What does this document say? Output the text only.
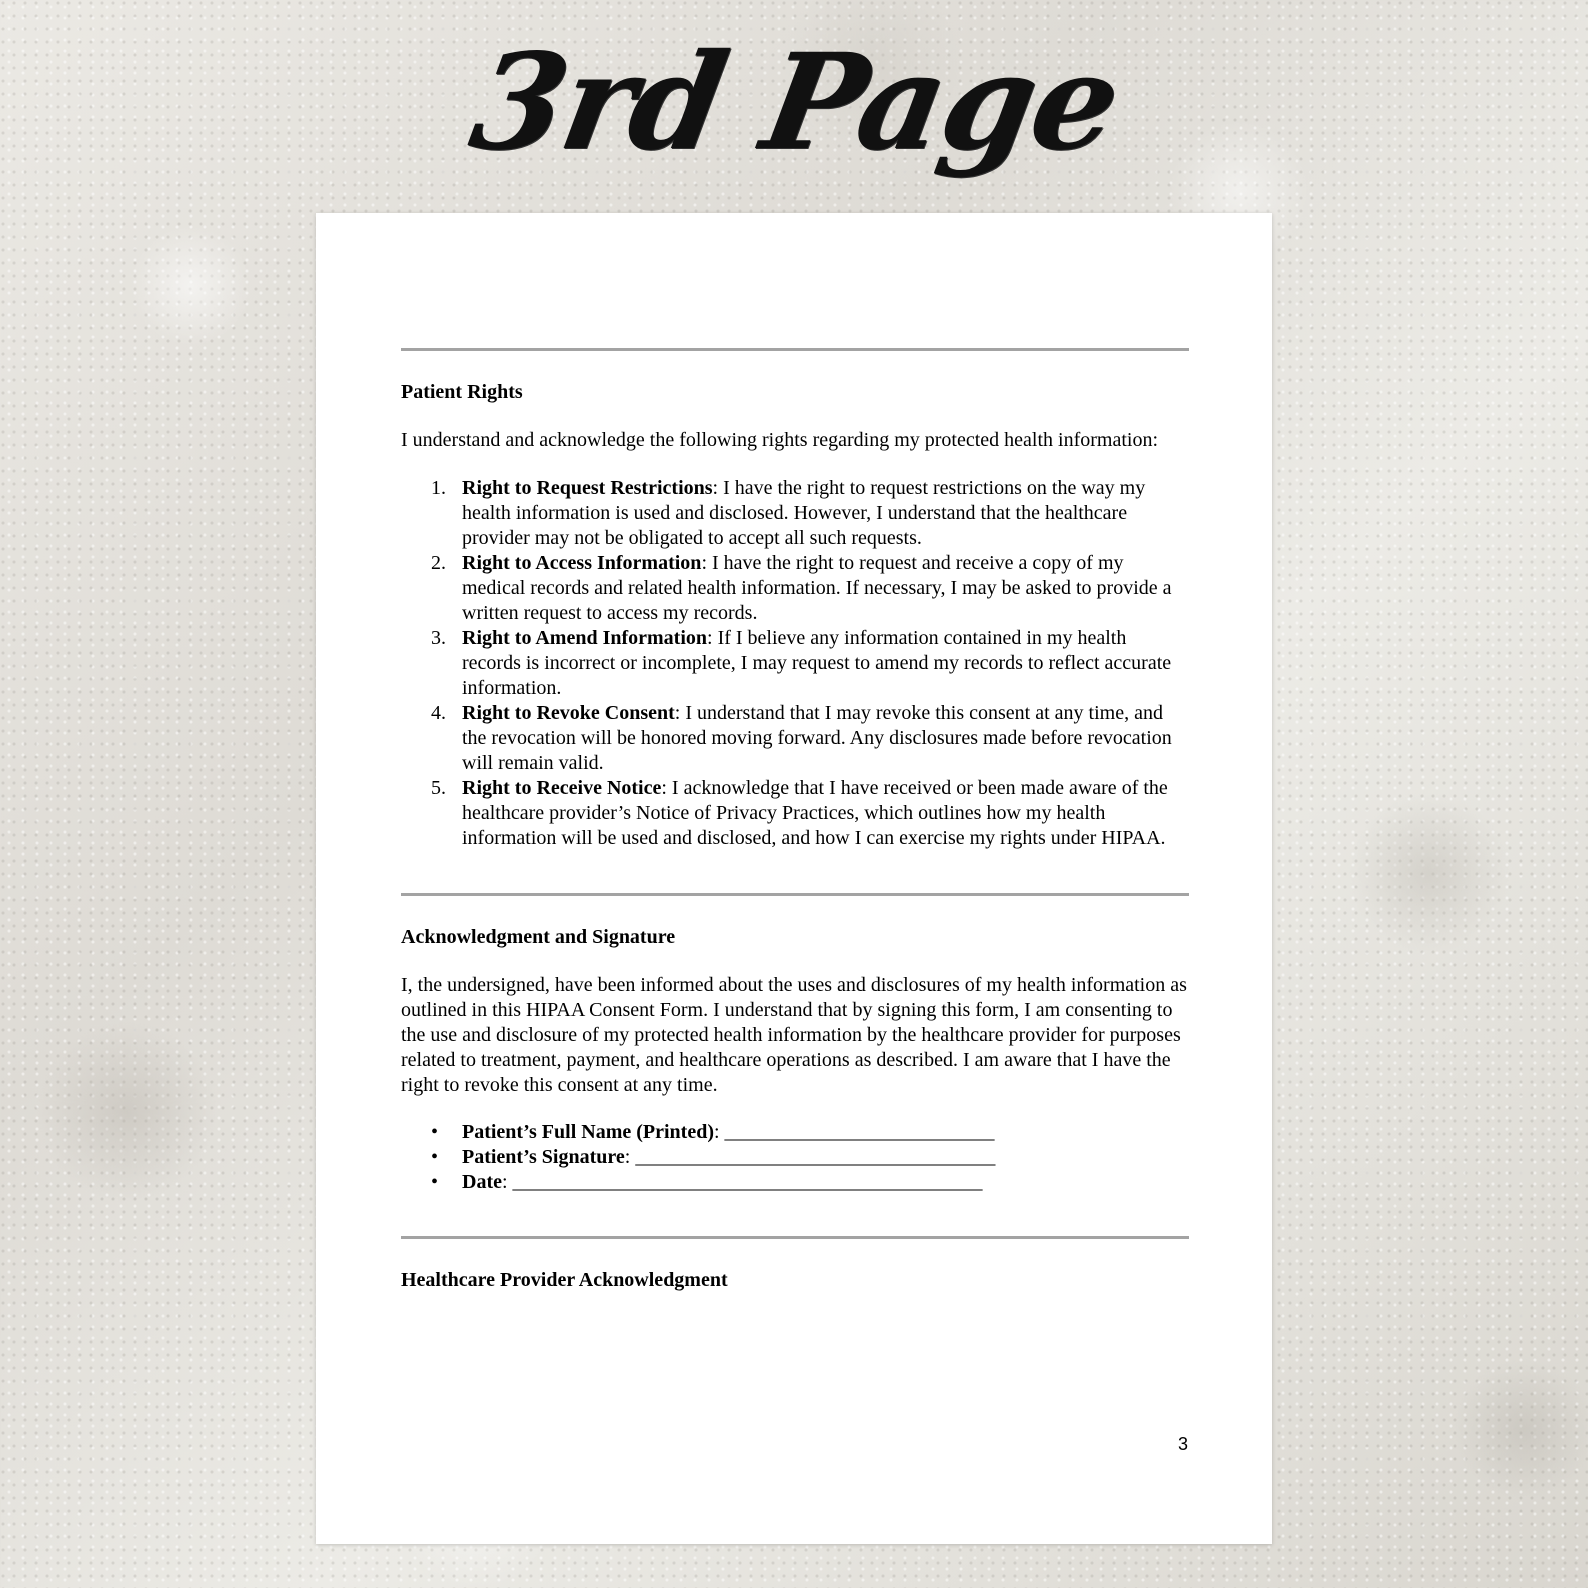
3rd Page
Patient Rights

I understand and acknowledge the following rights regarding my protected health information:

Right to Request Restrictions: I have the right to request restrictions on the way my health information is used and disclosed. However, I understand that the healthcare provider may not be obligated to accept all such requests.
Right to Access Information: I have the right to request and receive a copy of my medical records and related health information. If necessary, I may be asked to provide a written request to access my records.
Right to Amend Information: If I believe any information contained in my health records is incorrect or incomplete, I may request to amend my records to reflect accurate information.
Right to Revoke Consent: I understand that I may revoke this consent at any time, and the revocation will be honored moving forward. Any disclosures made before revocation will remain valid.
Right to Receive Notice: I acknowledge that I have received or been made aware of the healthcare provider’s Notice of Privacy Practices, which outlines how my health information will be used and disclosed, and how I can exercise my rights under HIPAA.
Acknowledgment and Signature

I, the undersigned, have been informed about the uses and disclosures of my health information as outlined in this HIPAA Consent Form. I understand that by signing this form, I am consenting to the use and disclosure of my protected health information by the healthcare provider for purposes related to treatment, payment, and healthcare operations as described. I am aware that I have the right to revoke this consent at any time.

• Patient’s Full Name (Printed): ___________________________
• Patient’s Signature: ____________________________________
• Date: _______________________________________________
Healthcare Provider Acknowledgment
3
